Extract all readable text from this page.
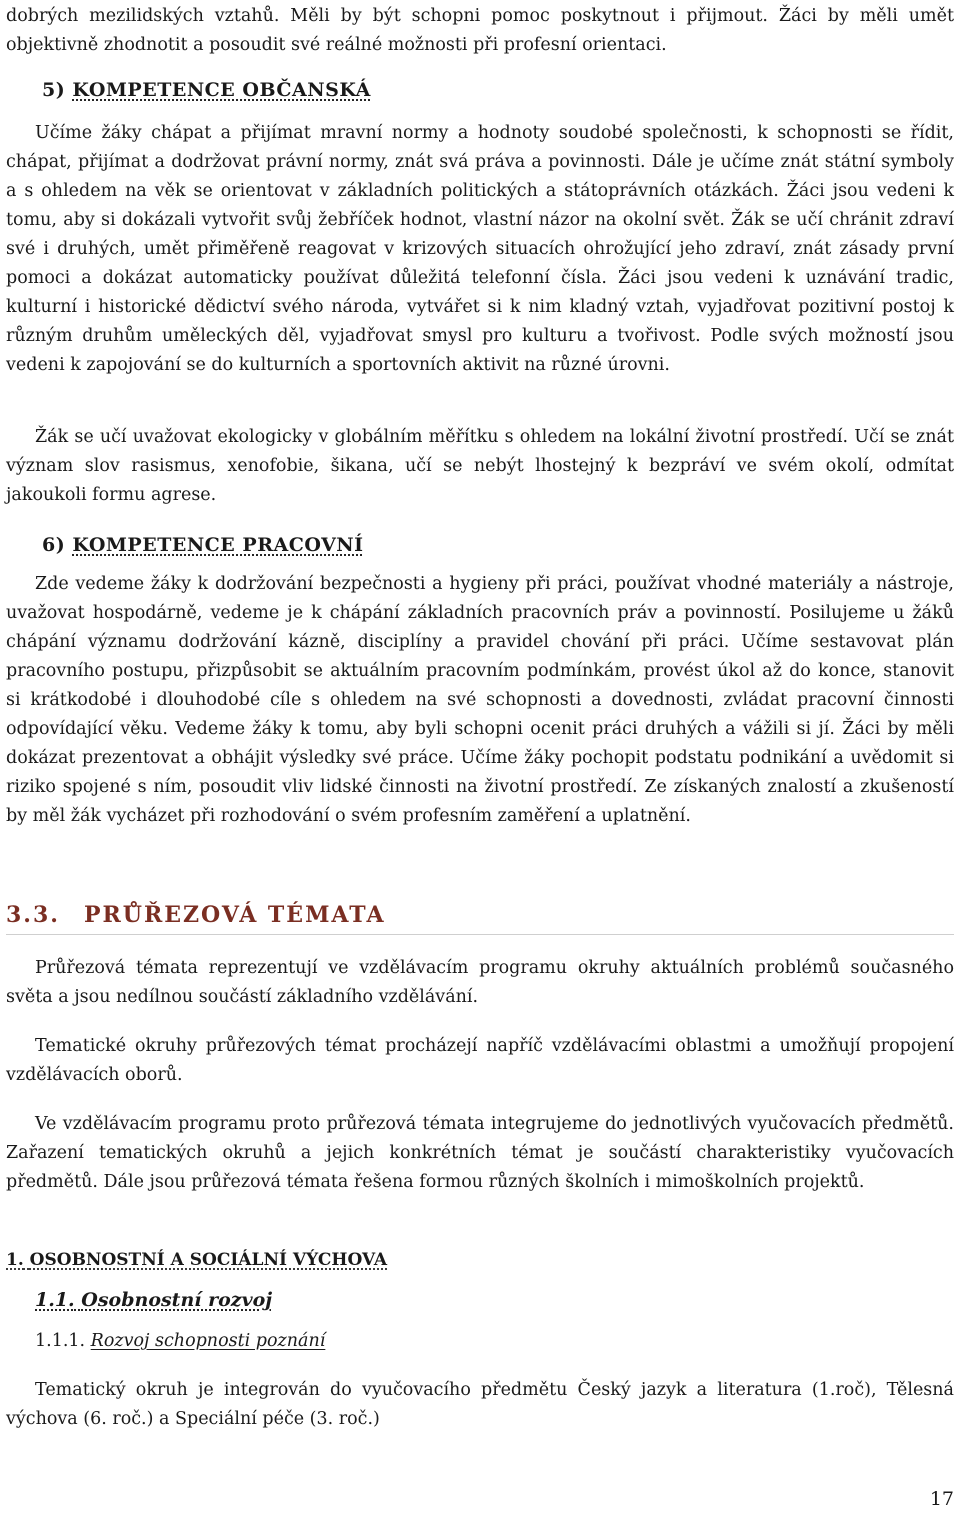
dobrých mezilidských vztahů. Měli by být schopni pomoc poskytnout i přijmout. Žáci by měli umět objektivně zhodnotit a posoudit své reálné možnosti při profesní orientaci.

5) KOMPETENCE OBČANSKÁ

Učíme žáky chápat a přijímat mravní normy a hodnoty soudobé společnosti, k schopnosti se řídit, chápat, přijímat a dodržovat právní normy, znát svá práva a povinnosti. Dále je učíme znát státní symboly a s ohledem na věk se orientovat v základních politických a státoprávních otázkách. Žáci jsou vedeni k tomu, aby si dokázali vytvořit svůj žebříček hodnot, vlastní názor na okolní svět. Žák se učí chránit zdraví své i druhých, umět přiměřeně reagovat v krizových situacích ohrožující jeho zdraví, znát zásady první pomoci a dokázat automaticky používat důležitá telefonní čísla. Žáci jsou vedeni k uznávání tradic, kulturní i historické dědictví svého národa, vytvářet si k nim kladný vztah, vyjadřovat pozitivní postoj k různým druhům uměleckých děl, vyjadřovat smysl pro kulturu a tvořivost. Podle svých možností jsou vedeni k zapojování se do kulturních a sportovních aktivit na různé úrovni.

Žák se učí uvažovat ekologicky v globálním měřítku s ohledem na lokální životní prostředí. Učí se znát význam slov rasismus, xenofobie, šikana, učí se nebýt lhostejný k bezpráví ve svém okolí, odmítat jakoukoli formu agrese.

6) KOMPETENCE PRACOVNÍ

Zde vedeme žáky k dodržování bezpečnosti a hygieny při práci, používat vhodné materiály a nástroje, uvažovat hospodárně, vedeme je k chápání základních pracovních práv a povinností. Posilujeme u žáků chápání významu dodržování kázně, disciplíny a pravidel chování při práci. Učíme sestavovat plán pracovního postupu, přizpůsobit se aktuálním pracovním podmínkám, provést úkol až do konce, stanovit si krátkodobé i dlouhodobé cíle s ohledem na své schopnosti a dovednosti, zvládat pracovní činnosti odpovídající věku. Vedeme žáky k tomu, aby byli schopni ocenit práci druhých a vážili si jí. Žáci by měli dokázat prezentovat a obhájit výsledky své práce. Učíme žáky pochopit podstatu podnikání a uvědomit si riziko spojené s ním, posoudit vliv lidské činnosti na životní prostředí. Ze získaných znalostí a zkušeností by měl žák vycházet při rozhodování o svém profesním zaměření a uplatnění.

3.3. PRŮŘEZOVÁ TÉMATA

Průřezová témata reprezentují ve vzdělávacím programu okruhy aktuálních problémů současného světa a jsou nedílnou součástí základního vzdělávání.

Tematické okruhy průřezových témat procházejí napříč vzdělávacími oblastmi a umožňují propojení vzdělávacích oborů.

Ve vzdělávacím programu proto průřezová témata integrujeme do jednotlivých vyučovacích předmětů. Zařazení tematických okruhů a jejich konkrétních témat je součástí charakteristiky vyučovacích předmětů. Dále jsou průřezová témata řešena formou různých školních i mimoškolních projektů.

1. OSOBNOSTNÍ A SOCIÁLNÍ VÝCHOVA
1.1. Osobnostní rozvoj
1.1.1. Rozvoj schopnosti poznání

Tematický okruh je integrován do vyučovacího předmětu Český jazyk a literatura (1.roč), Tělesná výchova (6. roč.) a Speciální péče (3. roč.)

17
